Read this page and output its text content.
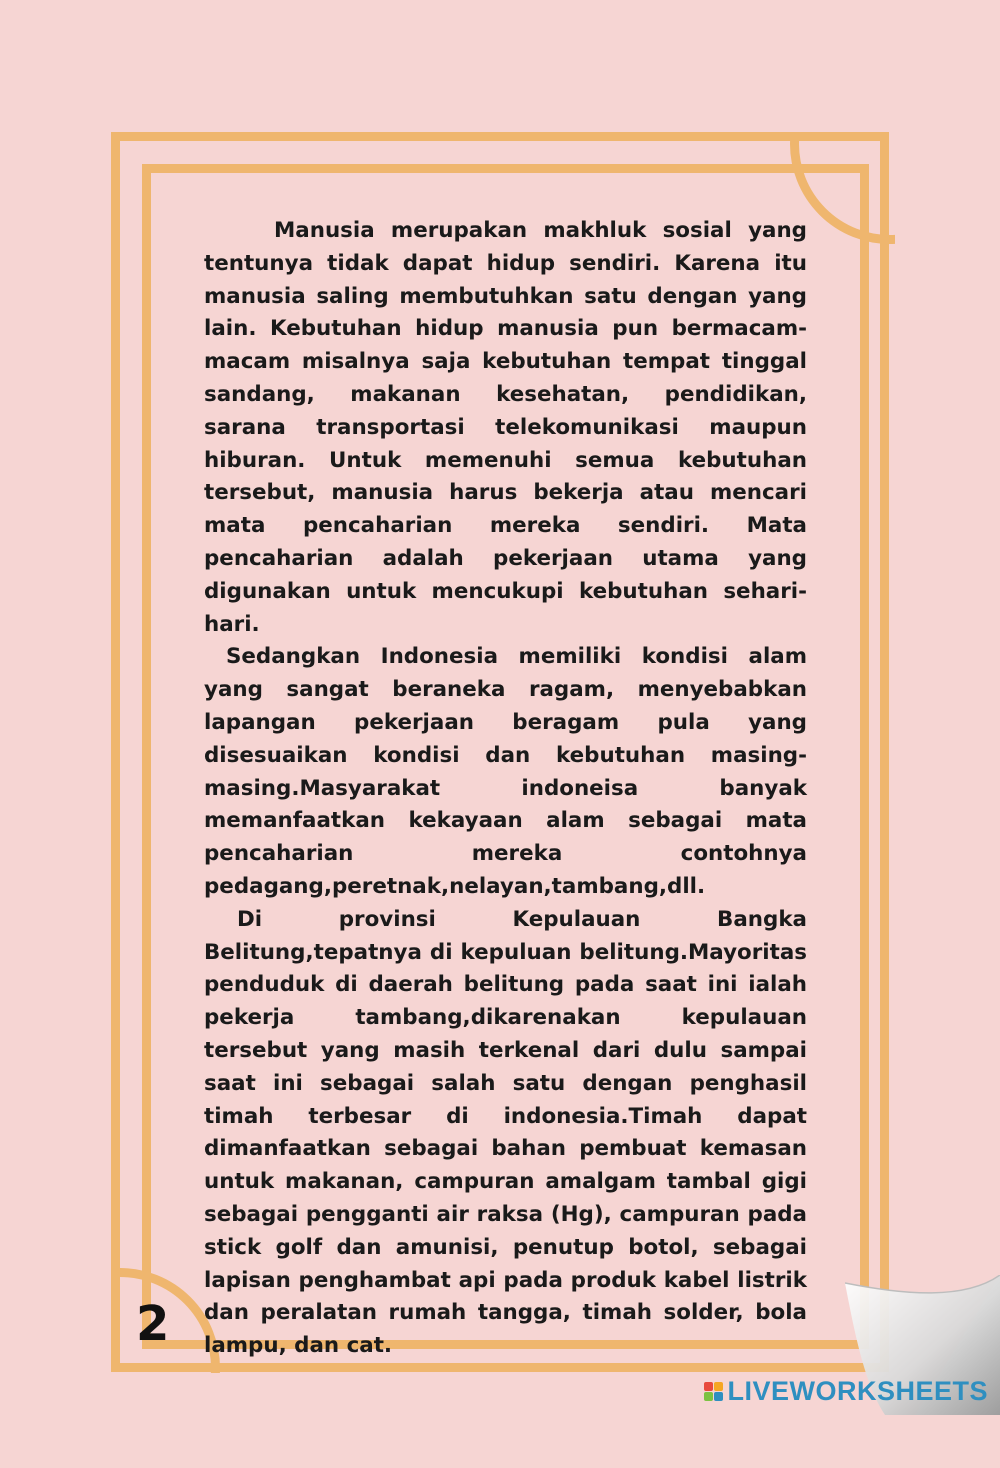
Manusia merupakan makhluk sosial yang tentunya tidak dapat hidup sendiri. Karena itu manusia saling membutuhkan satu dengan yang lain. Kebutuhan hidup manusia pun bermacam-macam misalnya saja kebutuhan tempat tinggal sandang, makanan kesehatan, pendidikan, sarana transportasi telekomunikasi maupun hiburan. Untuk memenuhi semua kebutuhan tersebut, manusia harus bekerja atau mencari mata pencaharian mereka sendiri. Mata pencaharian adalah pekerjaan utama yang digunakan untuk mencukupi kebutuhan sehari-hari.

Sedangkan Indonesia memiliki kondisi alam yang sangat beraneka ragam, menyebabkan lapangan pekerjaan beragam pula yang disesuaikan kondisi dan kebutuhan masing-masing.Masyarakat indoneisa banyak memanfaatkan kekayaan alam sebagai mata pencaharian mereka contohnya pedagang,peretnak,nelayan,tambang,dll.

Di provinsi Kepulauan Bangka Belitung,tepatnya di kepuluan belitung.Mayoritas penduduk di daerah belitung pada saat ini ialah pekerja tambang,dikarenakan kepulauan tersebut yang masih terkenal dari dulu sampai saat ini sebagai salah satu dengan penghasil timah terbesar di indonesia.Timah dapat dimanfaatkan sebagai bahan pembuat kemasan untuk makanan, campuran amalgam tambal gigi sebagai pengganti air raksa (Hg), campuran pada stick golf dan amunisi, penutup botol, sebagai lapisan penghambat api pada produk kabel listrik dan peralatan rumah tangga, timah solder, bola lampu, dan cat.

2
LIVEWORKSHEETS
